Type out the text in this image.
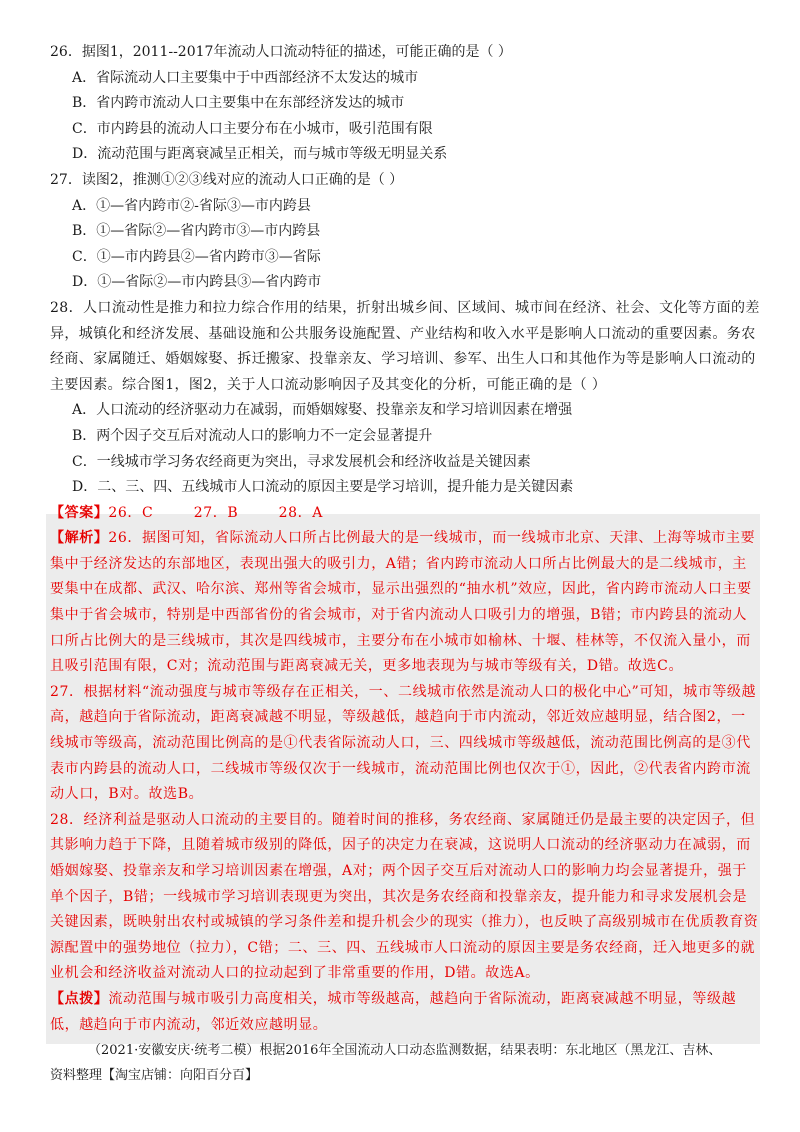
26．据图1，2011--2017年流动人口流动特征的描述，可能正确的是（ ）
A．省际流动人口主要集中于中西部经济不太发达的城市
B．省内跨市流动人口主要集中在东部经济发达的城市
C．市内跨县的流动人口主要分布在小城市，吸引范围有限
D．流动范围与距离衰减呈正相关，而与城市等级无明显关系
27．读图2，推测①②③线对应的流动人口正确的是（ ）
A．①—省内跨市②-省际③—市内跨县
B．①—省际②—省内跨市③—市内跨县
C．①—市内跨县②—省内跨市③—省际
D．①—省际②—市内跨县③—省内跨市
28．人口流动性是推力和拉力综合作用的结果，折射出城乡间、区域间、城市间在经济、社会、文化等方面的差异，城镇化和经济发展、基础设施和公共服务设施配置、产业结构和收入水平是影响人口流动的重要因素。务农经商、家属随迁、婚姻嫁娶、拆迁搬家、投靠亲友、学习培训、参军、出生人口和其他作为等是影响人口流动的主要因素。综合图1，图2，关于人口流动影响因子及其变化的分析，可能正确的是（ ）
A．人口流动的经济驱动力在减弱，而婚姻嫁娶、投靠亲友和学习培训因素在增强
B．两个因子交互后对流动人口的影响力不一定会显著提升
C．一线城市学习务农经商更为突出，寻求发展机会和经济收益是关键因素
D．二、三、四、五线城市人口流动的原因主要是学习培训，提升能力是关键因素
【答案】26．C        27．B        28．A
【解析】26．据图可知，省际流动人口所占比例最大的是一线城市，而一线城市北京、天津、上海等城市主要集中于经济发达的东部地区，表现出强大的吸引力，A错；省内跨市流动人口所占比例最大的是二线城市，主要集中在成都、武汉、哈尔滨、郑州等省会城市，显示出强烈的“抽水机”效应，因此，省内跨市流动人口主要集中于省会城市，特别是中西部省份的省会城市，对于省内流动人口吸引力的增强，B错；市内跨县的流动人口所占比例大的是三线城市，其次是四线城市，主要分布在小城市如榆林、十堰、桂林等，不仅流入量小，而且吸引范围有限，C对；流动范围与距离衰减无关，更多地表现为与城市等级有关，D错。故选C。
27．根据材料“流动强度与城市等级存在正相关，一、二线城市依然是流动人口的极化中心”可知，城市等级越高，越趋向于省际流动，距离衰减越不明显，等级越低，越趋向于市内流动，邻近效应越明显，结合图2，一线城市等级高，流动范围比例高的是①代表省际流动人口，三、四线城市等级越低，流动范围比例高的是③代表市内跨县的流动人口，二线城市等级仅次于一线城市，流动范围比例也仅次于①，因此，②代表省内跨市流动人口，B对。故选B。
28．经济利益是驱动人口流动的主要目的。随着时间的推移，务农经商、家属随迁仍是最主要的决定因子，但其影响力趋于下降，且随着城市级别的降低，因子的决定力在衰减，这说明人口流动的经济驱动力在减弱，而婚姻嫁娶、投靠亲友和学习培训因素在增强，A对；两个因子交互后对流动人口的影响力均会显著提升，强于单个因子，B错；一线城市学习培训表现更为突出，其次是务农经商和投靠亲友，提升能力和寻求发展机会是关键因素，既映射出农村或城镇的学习条件差和提升机会少的现实（推力），也反映了高级别城市在优质教育资源配置中的强势地位（拉力），C错；二、三、四、五线城市人口流动的原因主要是务农经商，迁入地更多的就业机会和经济收益对流动人口的拉动起到了非常重要的作用，D错。故选A。
【点拨】流动范围与城市吸引力高度相关，城市等级越高，越趋向于省际流动，距离衰减越不明显，等级越低，越趋向于市内流动，邻近效应越明显。
（2021·安徽安庆·统考二模）根据2016年全国流动人口动态监测数据，结果表明：东北地区（黑龙江、吉林、
资料整理【淘宝店铺：向阳百分百】
